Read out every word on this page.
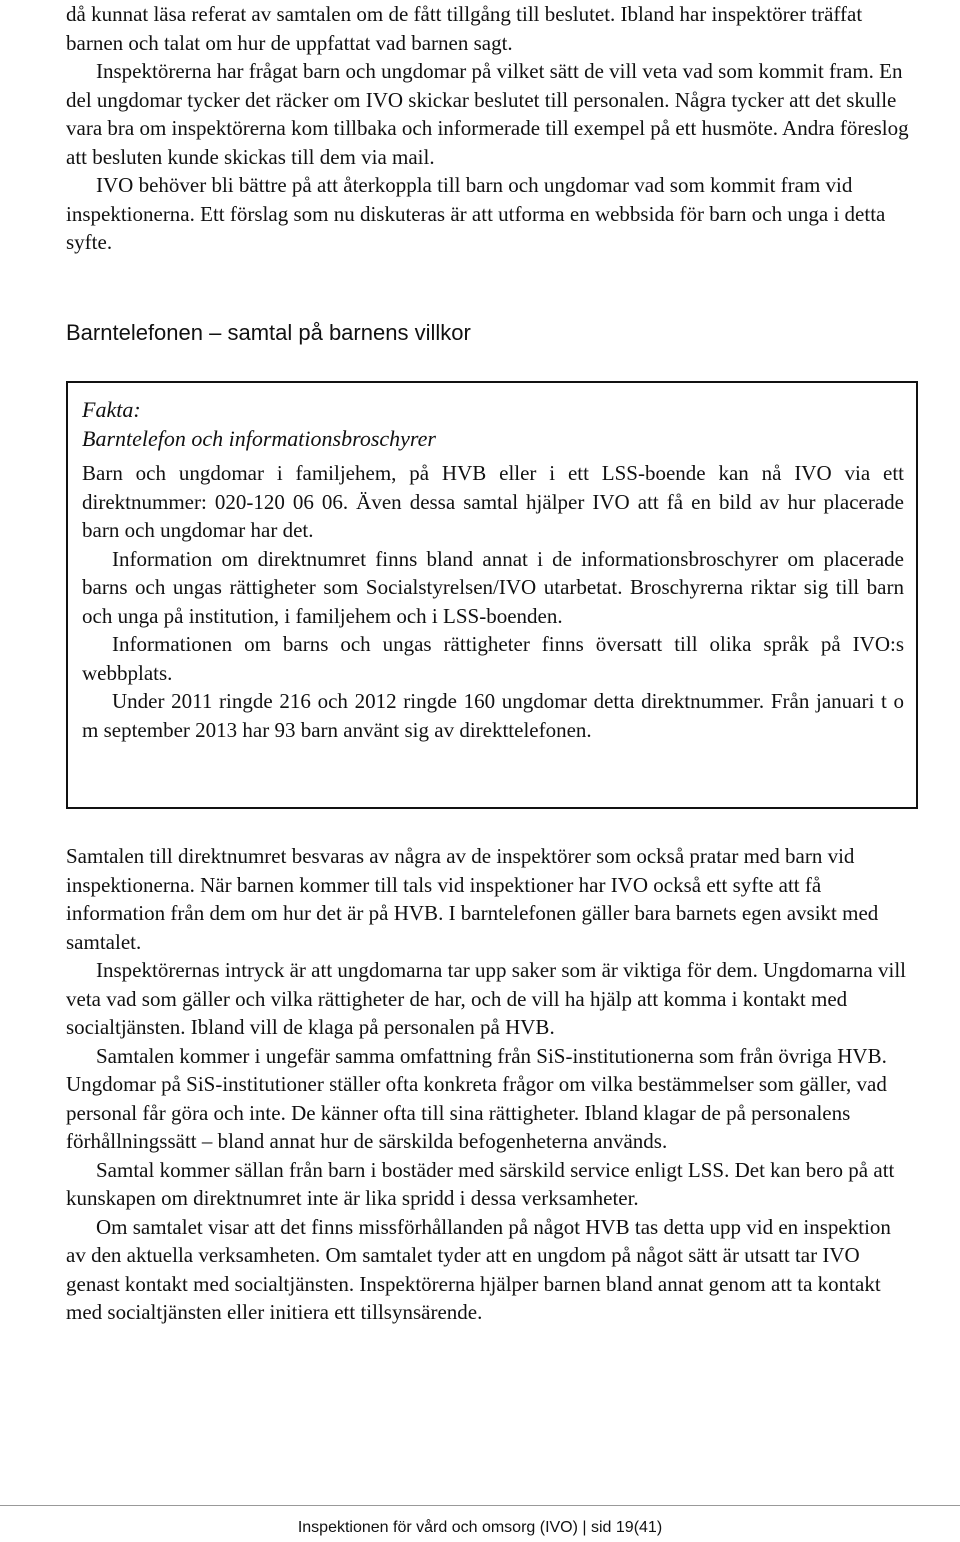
då kunnat läsa referat av samtalen om de fått tillgång till beslutet. Ibland har inspektörer träffat barnen och talat om hur de uppfattat vad barnen sagt.

Inspektörerna har frågat barn och ungdomar på vilket sätt de vill veta vad som kommit fram. En del ungdomar tycker det räcker om IVO skickar beslutet till personalen. Några tycker att det skulle vara bra om inspektörerna kom tillbaka och informerade till exempel på ett husmöte. Andra föreslog att besluten kunde skickas till dem via mail.

IVO behöver bli bättre på att återkoppla till barn och ungdomar vad som kommit fram vid inspektionerna. Ett förslag som nu diskuteras är att utforma en webbsida för barn och unga i detta syfte.

Barntelefonen – samtal på barnens villkor

Fakta:

Barntelefon och informationsbroschyrer

Barn och ungdomar i familjehem, på HVB eller i ett LSS-boende kan nå IVO via ett direktnummer: 020-120 06 06. Även dessa samtal hjälper IVO att få en bild av hur placerade barn och ungdomar har det.

Information om direktnumret finns bland annat i de informationsbroschyrer om placerade barns och ungas rättigheter som Socialstyrelsen/IVO utarbetat. Broschyrerna riktar sig till barn och unga på institution, i familjehem och i LSS-boenden.

Informationen om barns och ungas rättigheter finns översatt till olika språk på IVO:s webbplats.

Under 2011 ringde 216 och 2012 ringde 160 ungdomar detta direktnummer. Från januari t o m september 2013 har 93 barn använt sig av direkttelefonen.

Samtalen till direktnumret besvaras av några av de inspektörer som också pratar med barn vid inspektionerna. När barnen kommer till tals vid inspektioner har IVO också ett syfte att få information från dem om hur det är på HVB. I barntelefonen gäller bara barnets egen avsikt med samtalet.

Inspektörernas intryck är att ungdomarna tar upp saker som är viktiga för dem. Ungdomarna vill veta vad som gäller och vilka rättigheter de har, och de vill ha hjälp att komma i kontakt med socialtjänsten. Ibland vill de klaga på personalen på HVB.

Samtalen kommer i ungefär samma omfattning från SiS-institutionerna som från övriga HVB. Ungdomar på SiS-institutioner ställer ofta konkreta frågor om vilka bestämmelser som gäller, vad personal får göra och inte. De känner ofta till sina rättigheter. Ibland klagar de på personalens förhållningssätt – bland annat hur de särskilda befogenheterna används.

Samtal kommer sällan från barn i bostäder med särskild service enligt LSS. Det kan bero på att kunskapen om direktnumret inte är lika spridd i dessa verksamheter.

Om samtalet visar att det finns missförhållanden på något HVB tas detta upp vid en inspektion av den aktuella verksamheten. Om samtalet tyder att en ungdom på något sätt är utsatt tar IVO genast kontakt med socialtjänsten. Inspektörerna hjälper barnen bland annat genom att ta kontakt med socialtjänsten eller initiera ett tillsynsärende.

Inspektionen för vård och omsorg (IVO) | sid 19(41)
